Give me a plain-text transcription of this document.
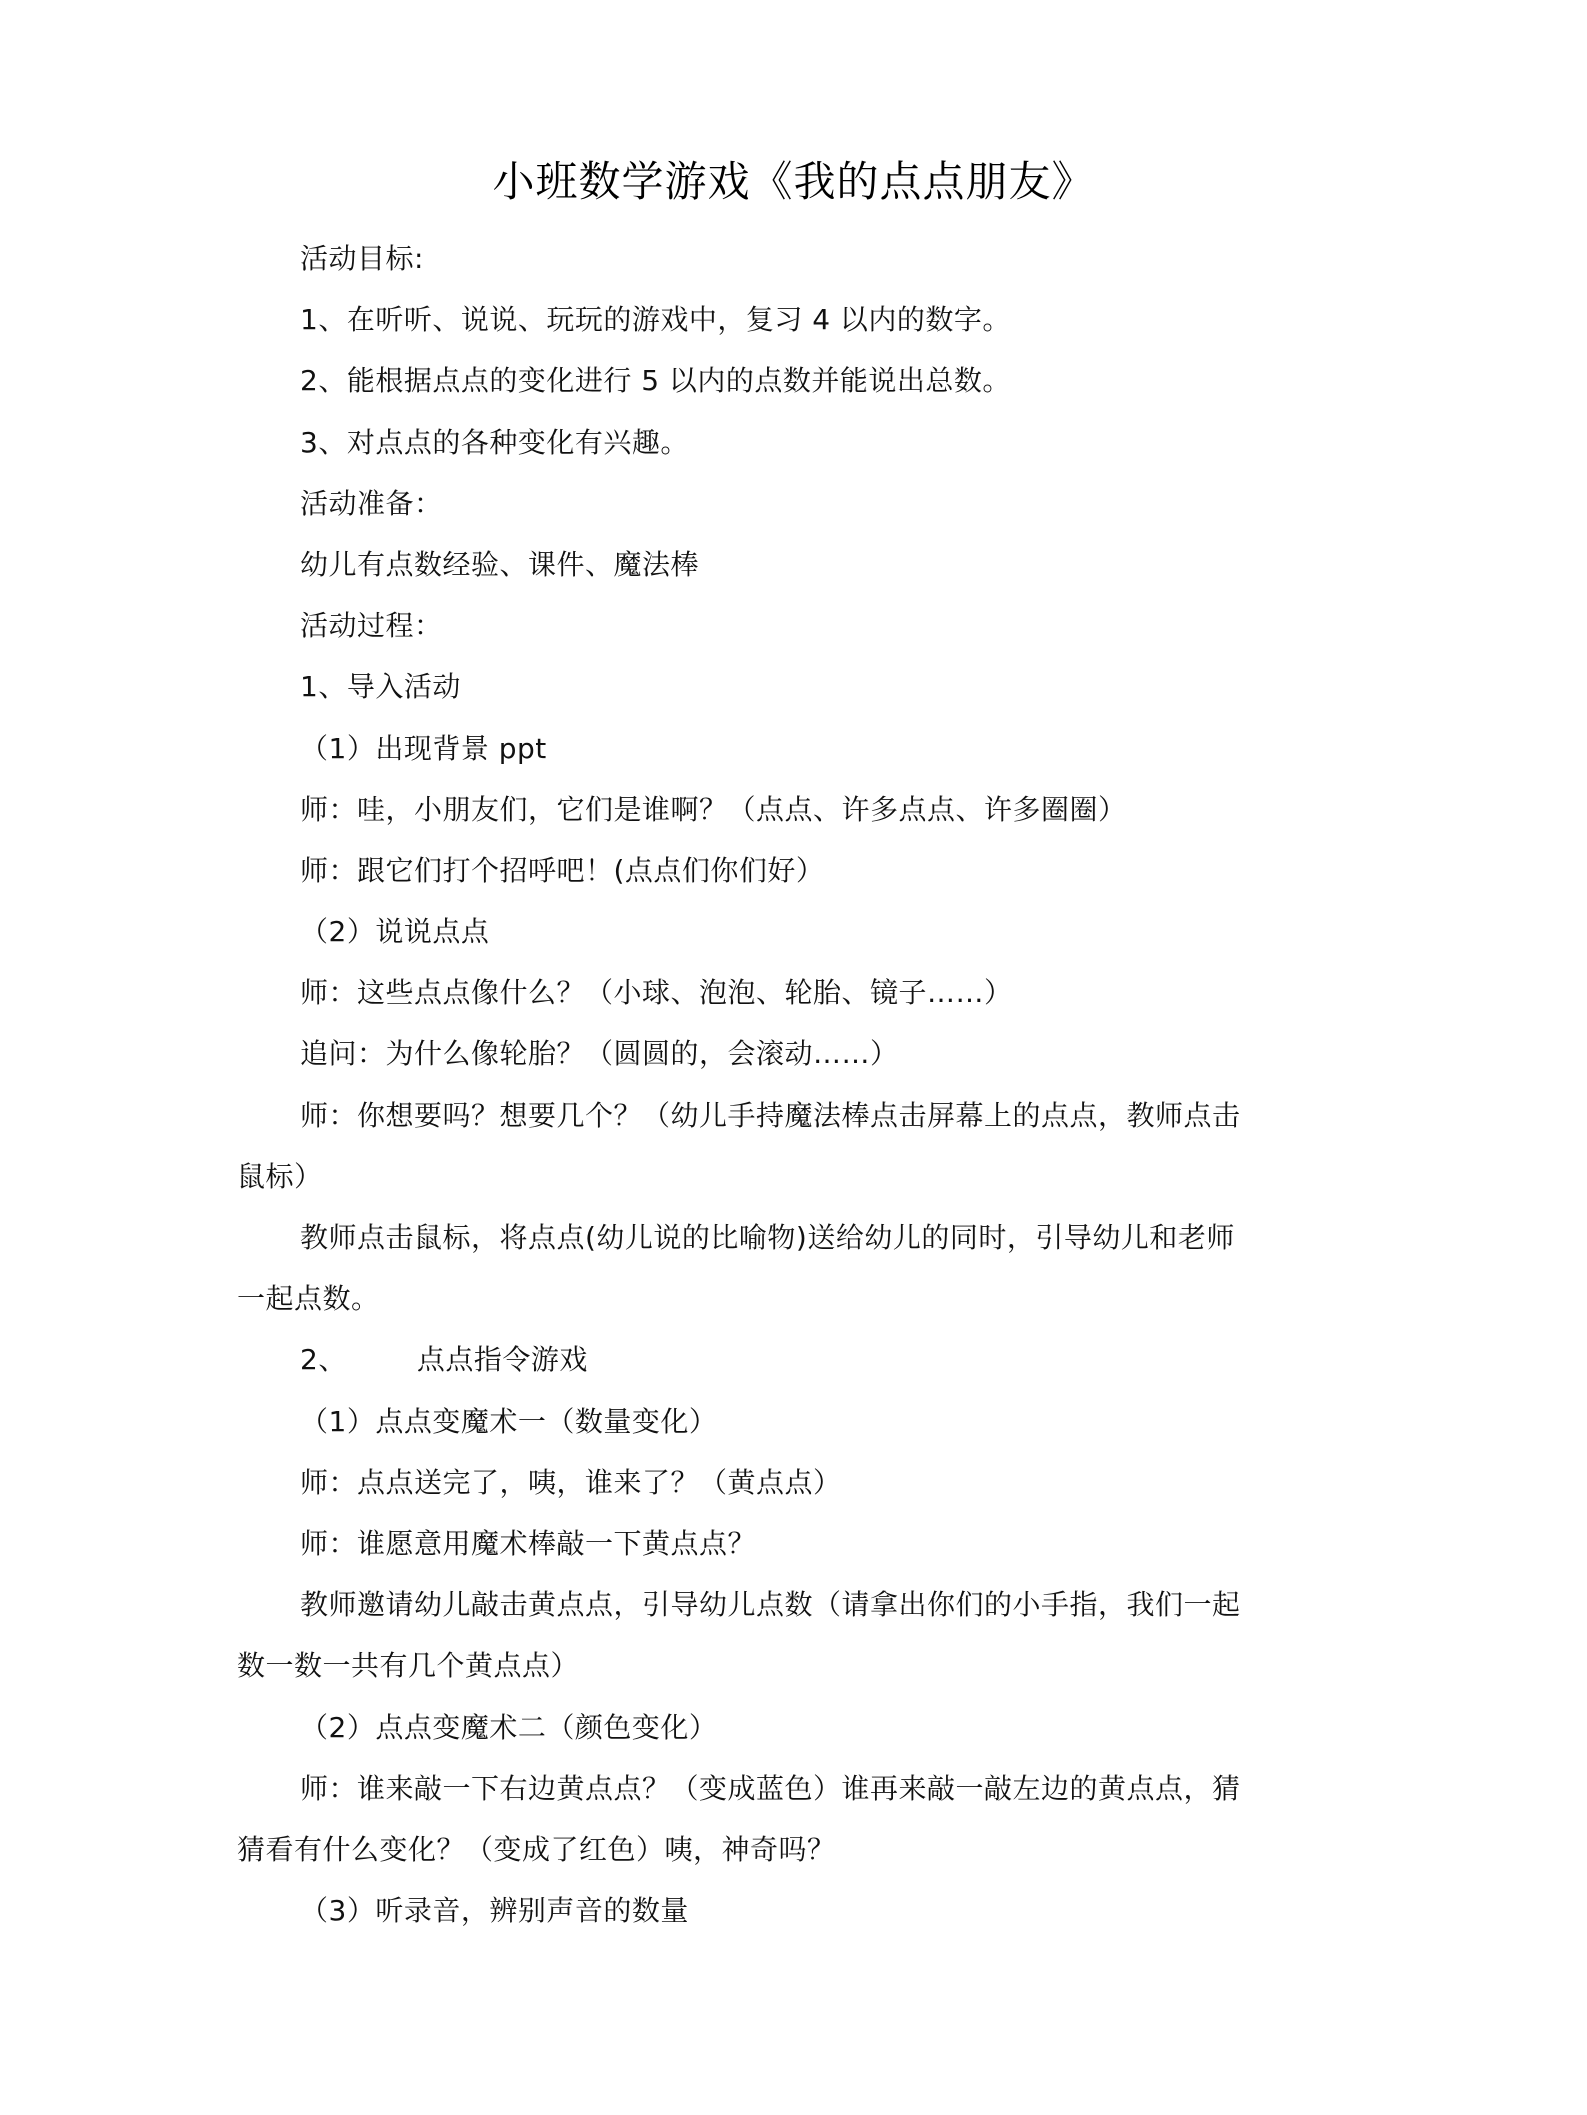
小班数学游戏《我的点点朋友》
活动目标:
1、在听听、说说、玩玩的游戏中，复习 4 以内的数字。
2、能根据点点的变化进行 5 以内的点数并能说出总数。
3、对点点的各种变化有兴趣。
活动准备：
幼儿有点数经验、课件、魔法棒
活动过程：
1、导入活动
（1）出现背景 ppt
师：哇，小朋友们，它们是谁啊？（点点、许多点点、许多圈圈）
师：跟它们打个招呼吧！(点点们你们好）
（2）说说点点
师：这些点点像什么？（小球、泡泡、轮胎、镜子……）
追问：为什么像轮胎？（圆圆的，会滚动……）
师：你想要吗？想要几个？（幼儿手持魔法棒点击屏幕上的点点，教师点击
鼠标）
教师点击鼠标，将点点(幼儿说的比喻物)送给幼儿的同时，引导幼儿和老师
一起点数。
2、	点点指令游戏
（1）点点变魔术一（数量变化）
师：点点送完了，咦，谁来了？（黄点点）
师：谁愿意用魔术棒敲一下黄点点？
教师邀请幼儿敲击黄点点，引导幼儿点数（请拿出你们的小手指，我们一起
数一数一共有几个黄点点）
（2）点点变魔术二（颜色变化）
师：谁来敲一下右边黄点点？（变成蓝色）谁再来敲一敲左边的黄点点，猜
猜看有什么变化？（变成了红色）咦，神奇吗？
（3）听录音，辨别声音的数量
